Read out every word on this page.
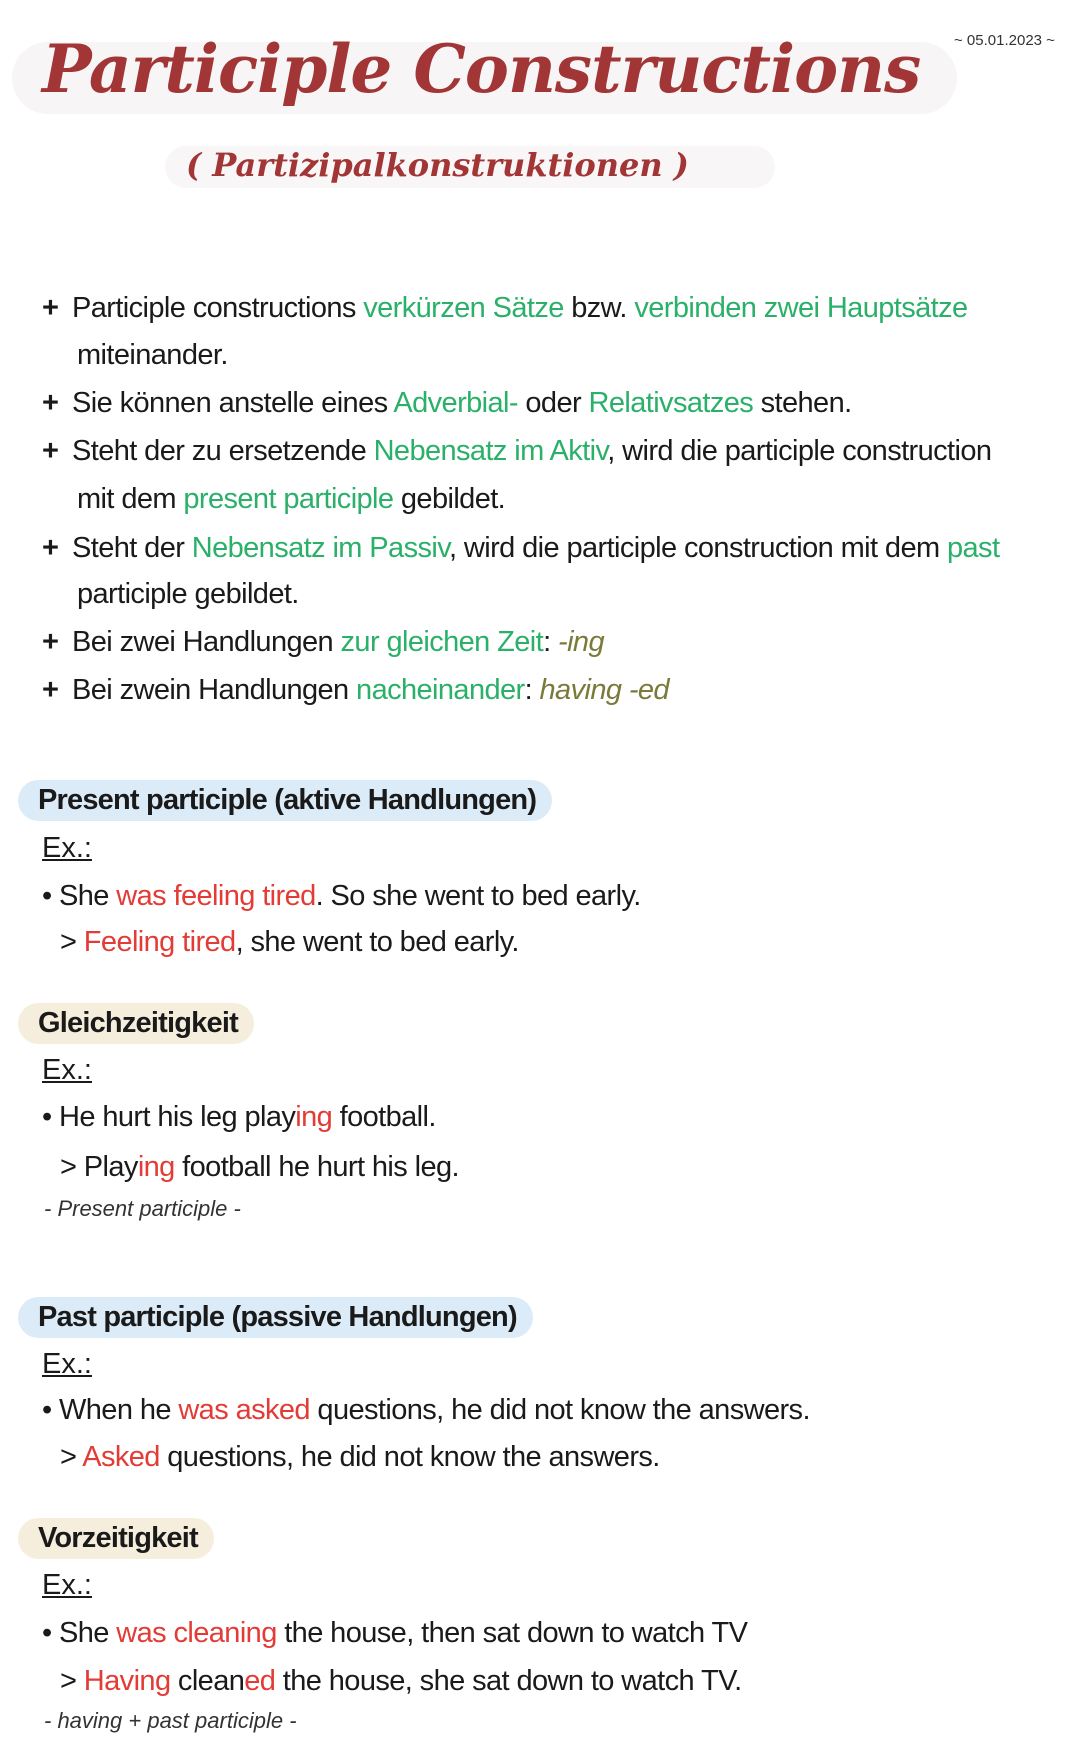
~ 05.01.2023 ~
Participle Constructions
( Partizipalkonstruktionen )
+ Participle constructions verkürzen Sätze bzw. verbinden zwei Hauptsätze
miteinander.
+ Sie können anstelle eines Adverbial- oder Relativsatzes stehen.
+ Steht der zu ersetzende Nebensatz im Aktiv, wird die participle construction
mit dem present participle gebildet.
+ Steht der Nebensatz im Passiv, wird die participle construction mit dem past
participle gebildet.
+ Bei zwei Handlungen zur gleichen Zeit: -ing
+ Bei zwein Handlungen nacheinander: having -ed
Present participle (aktive Handlungen)
Ex.:
• She was feeling tired. So she went to bed early.
> Feeling tired, she went to bed early.
Gleichzeitigkeit
Ex.:
• He hurt his leg playing football.
> Playing football he hurt his leg.
- Present participle -
Past participle (passive Handlungen)
Ex.:
• When he was asked questions, he did not know the answers.
> Asked questions, he did not know the answers.
Vorzeitigkeit
Ex.:
• She was cleaning the house, then sat down to watch TV
> Having cleaned the house, she sat down to watch TV.
- having + past participle -
